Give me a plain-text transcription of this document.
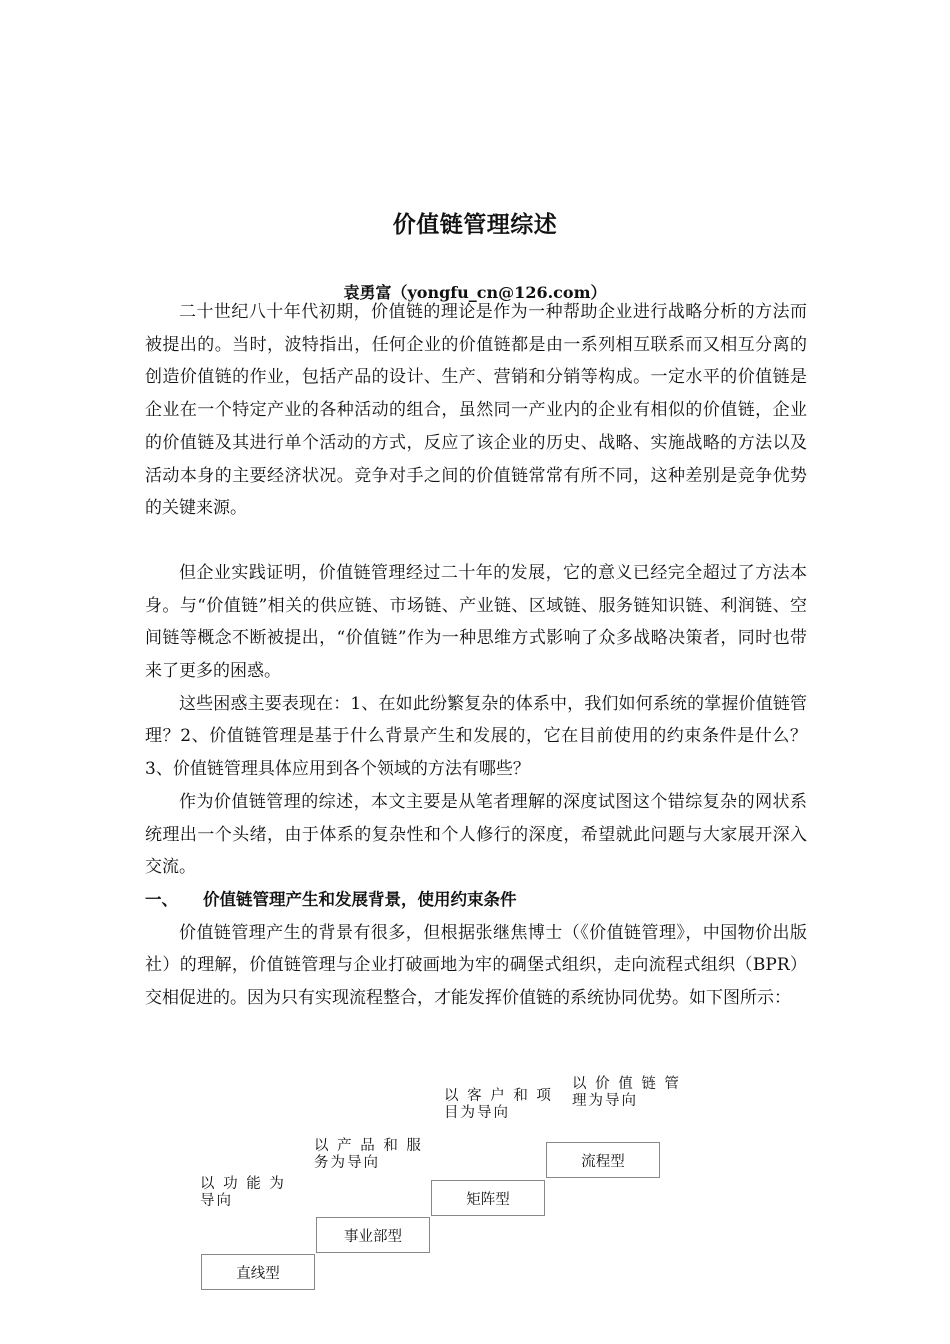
价值链管理综述
袁勇富（yongfu_cn@126.com）

二十世纪八十年代初期，价值链的理论是作为一种帮助企业进行战略分析的方法而被提出的。当时，波特指出，任何企业的价值链都是由一系列相互联系而又相互分离的创造价值链的作业，包括产品的设计、生产、营销和分销等构成。一定水平的价值链是企业在一个特定产业的各种活动的组合，虽然同一产业内的企业有相似的价值链，企业的价值链及其进行单个活动的方式，反应了该企业的历史、战略、实施战略的方法以及活动本身的主要经济状况。竞争对手之间的价值链常常有所不同，这种差别是竞争优势的关键来源。

但企业实践证明，价值链管理经过二十年的发展，它的意义已经完全超过了方法本身。与“价值链”相关的供应链、市场链、产业链、区域链、服务链知识链、利润链、空间链等概念不断被提出，“价值链”作为一种思维方式影响了众多战略决策者，同时也带来了更多的困惑。

这些困惑主要表现在：1、在如此纷繁复杂的体系中，我们如何系统的掌握价值链管理？2、价值链管理是基于什么背景产生和发展的，它在目前使用的约束条件是什么？3、价值链管理具体应用到各个领域的方法有哪些？

作为价值链管理的综述，本文主要是从笔者理解的深度试图这个错综复杂的网状系统理出一个头绪，由于体系的复杂性和个人修行的深度，希望就此问题与大家展开深入交流。

一、 价值链管理产生和发展背景，使用约束条件

价值链管理产生的背景有很多，但根据张继焦博士（《价值链管理》，中国物价出版社）的理解，价值链管理与企业打破画地为牢的碉堡式组织，走向流程式组织（BPR）交相促进的。因为只有实现流程整合，才能发挥价值链的系统协同优势。如下图所示：

以 功 能 为
导向
直线型
以 产 品 和 服
务为导向
事业部型
以 客 户 和 项
目为导向
矩阵型
以 价 值 链 管
理为导向
流程型
